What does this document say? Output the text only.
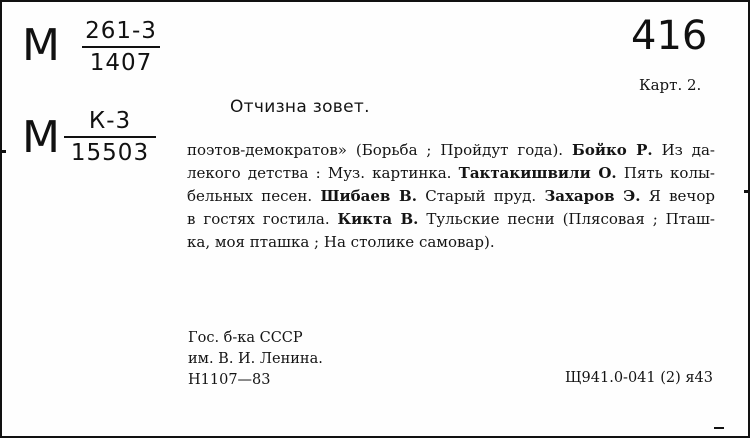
М 261-3
1407
М	К-3
15503
416
Карт. 2.
Отчизна зовет.
поэтов-демократов» (Борьба ; Пройдут года). Бойко Р. Из да-
лекого детства : Муз. картинка. Тактакишвили О. Пять колы-
бельных песен. Шибаев В. Старый пруд. Захаров Э. Я вечор
в гостях гостила. Кикта В. Тульские песни (Плясовая ; Пташ-
ка, моя пташка ; На столике самовар).
Гос. б-ка СССР
им. В. И. Ленина.
Н1107—83	Щ941.0-041 (2) я43
